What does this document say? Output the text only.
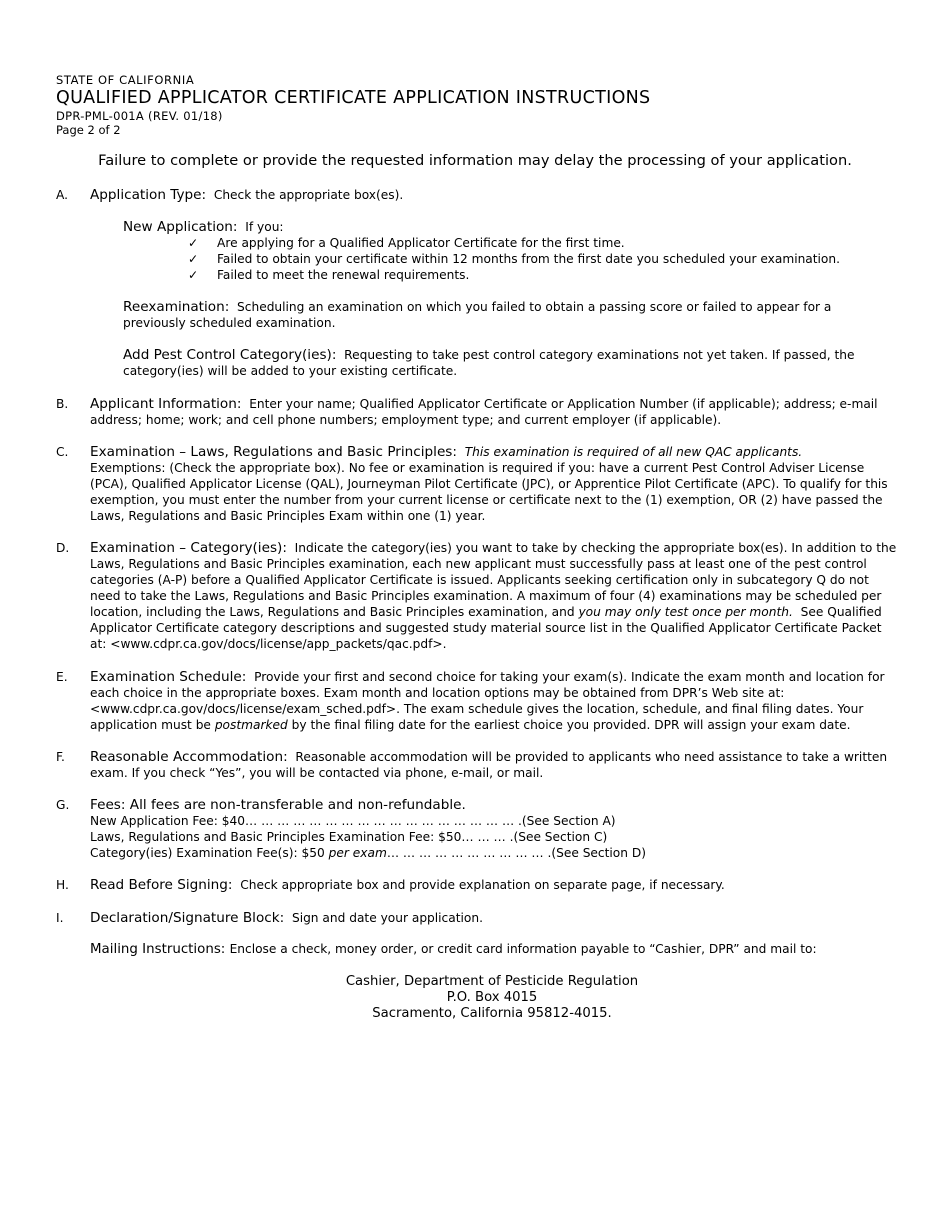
STATE OF CALIFORNIA
QUALIFIED APPLICATOR CERTIFICATE APPLICATION INSTRUCTIONS
DPR-PML-001A (REV. 01/18)
Page 2 of 2
Failure to complete or provide the requested information may delay the processing of your application.
A.	Application Type: Check the appropriate box(es).
New Application: If you:
✓	Are applying for a Qualified Applicator Certificate for the first time.
✓	Failed to obtain your certificate within 12 months from the first date you scheduled your examination.
✓	Failed to meet the renewal requirements.
Reexamination: Scheduling an examination on which you failed to obtain a passing score or failed to appear for a previously scheduled examination.
Add Pest Control Category(ies): Requesting to take pest control category examinations not yet taken. If passed, the category(ies) will be added to your existing certificate.
B.	Applicant Information: Enter your name; Qualified Applicator Certificate or Application Number (if applicable); address; e-mail address; home; work; and cell phone numbers; employment type; and current employer (if applicable).
C.	Examination – Laws, Regulations and Basic Principles: This examination is required of all new QAC applicants.
Exemptions: (Check the appropriate box). No fee or examination is required if you: have a current Pest Control Adviser License (PCA), Qualified Applicator License (QAL), Journeyman Pilot Certificate (JPC), or Apprentice Pilot Certificate (APC). To qualify for this exemption, you must enter the number from your current license or certificate next to the (1) exemption, OR (2) have passed the Laws, Regulations and Basic Principles Exam within one (1) year.
D.	Examination – Category(ies): Indicate the category(ies) you want to take by checking the appropriate box(es). In addition to the Laws, Regulations and Basic Principles examination, each new applicant must successfully pass at least one of the pest control categories (A-P) before a Qualified Applicator Certificate is issued. Applicants seeking certification only in subcategory Q do not need to take the Laws, Regulations and Basic Principles examination. A maximum of four (4) examinations may be scheduled per location, including the Laws, Regulations and Basic Principles examination, and you may only test once per month. See Qualified Applicator Certificate category descriptions and suggested study material source list in the Qualified Applicator Certificate Packet at: <www.cdpr.ca.gov/docs/license/app_packets/qac.pdf>.
E.	Examination Schedule: Provide your first and second choice for taking your exam(s). Indicate the exam month and location for each choice in the appropriate boxes. Exam month and location options may be obtained from DPR’s Web site at: <www.cdpr.ca.gov/docs/license/exam_sched.pdf>. The exam schedule gives the location, schedule, and final filing dates. Your application must be postmarked by the final filing date for the earliest choice you provided. DPR will assign your exam date.
F.	Reasonable Accommodation: Reasonable accommodation will be provided to applicants who need assistance to take a written exam. If you check “Yes”, you will be contacted via phone, e-mail, or mail.
G.	Fees: All fees are non-transferable and non-refundable.
New Application Fee: $40… … … … … … … … … … … … … … … … … .(See Section A)
Laws, Regulations and Basic Principles Examination Fee: $50… … … .(See Section C)
Category(ies) Examination Fee(s): $50 per exam… … … … … … … … … … .(See Section D)
H.	Read Before Signing: Check appropriate box and provide explanation on separate page, if necessary.
I.	Declaration/Signature Block: Sign and date your application.
Mailing Instructions: Enclose a check, money order, or credit card information payable to “Cashier, DPR” and mail to:
Cashier, Department of Pesticide Regulation
P.O. Box 4015
Sacramento, California 95812-4015.
